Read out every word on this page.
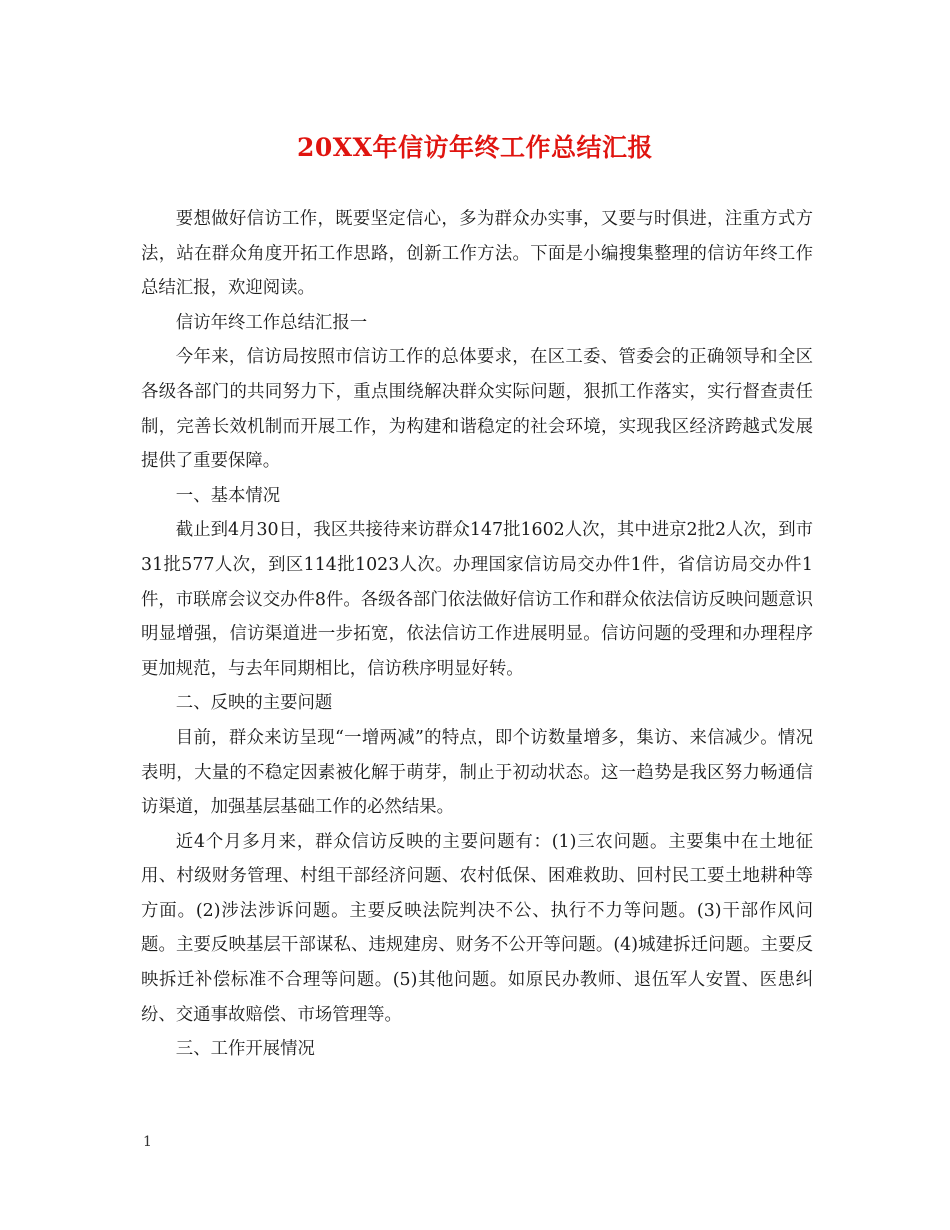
20XX年信访年终工作总结汇报

要想做好信访工作，既要坚定信心，多为群众办实事，又要与时俱进，注重方式方法，站在群众角度开拓工作思路，创新工作方法。下面是小编搜集整理的信访年终工作总结汇报，欢迎阅读。

信访年终工作总结汇报一

今年来，信访局按照市信访工作的总体要求，在区工委、管委会的正确领导和全区各级各部门的共同努力下，重点围绕解决群众实际问题，狠抓工作落实，实行督查责任制，完善长效机制而开展工作，为构建和谐稳定的社会环境，实现我区经济跨越式发展提供了重要保障。

一、基本情况

截止到4月30日，我区共接待来访群众147批1602人次，其中进京2批2人次，到市31批577人次，到区114批1023人次。办理国家信访局交办件1件，省信访局交办件1件，市联席会议交办件8件。各级各部门依法做好信访工作和群众依法信访反映问题意识明显增强，信访渠道进一步拓宽，依法信访工作进展明显。信访问题的受理和办理程序更加规范，与去年同期相比，信访秩序明显好转。

二、反映的主要问题

目前，群众来访呈现“一增两减”的特点，即个访数量增多，集访、来信减少。情况表明，大量的不稳定因素被化解于萌芽，制止于初动状态。这一趋势是我区努力畅通信访渠道，加强基层基础工作的必然结果。

近4个月多月来，群众信访反映的主要问题有：(1)三农问题。主要集中在土地征用、村级财务管理、村组干部经济问题、农村低保、困难救助、回村民工要土地耕种等方面。(2)涉法涉诉问题。主要反映法院判决不公、执行不力等问题。(3)干部作风问题。主要反映基层干部谋私、违规建房、财务不公开等问题。(4)城建拆迁问题。主要反映拆迁补偿标准不合理等问题。(5)其他问题。如原民办教师、退伍军人安置、医患纠纷、交通事故赔偿、市场管理等。

三、工作开展情况

1
